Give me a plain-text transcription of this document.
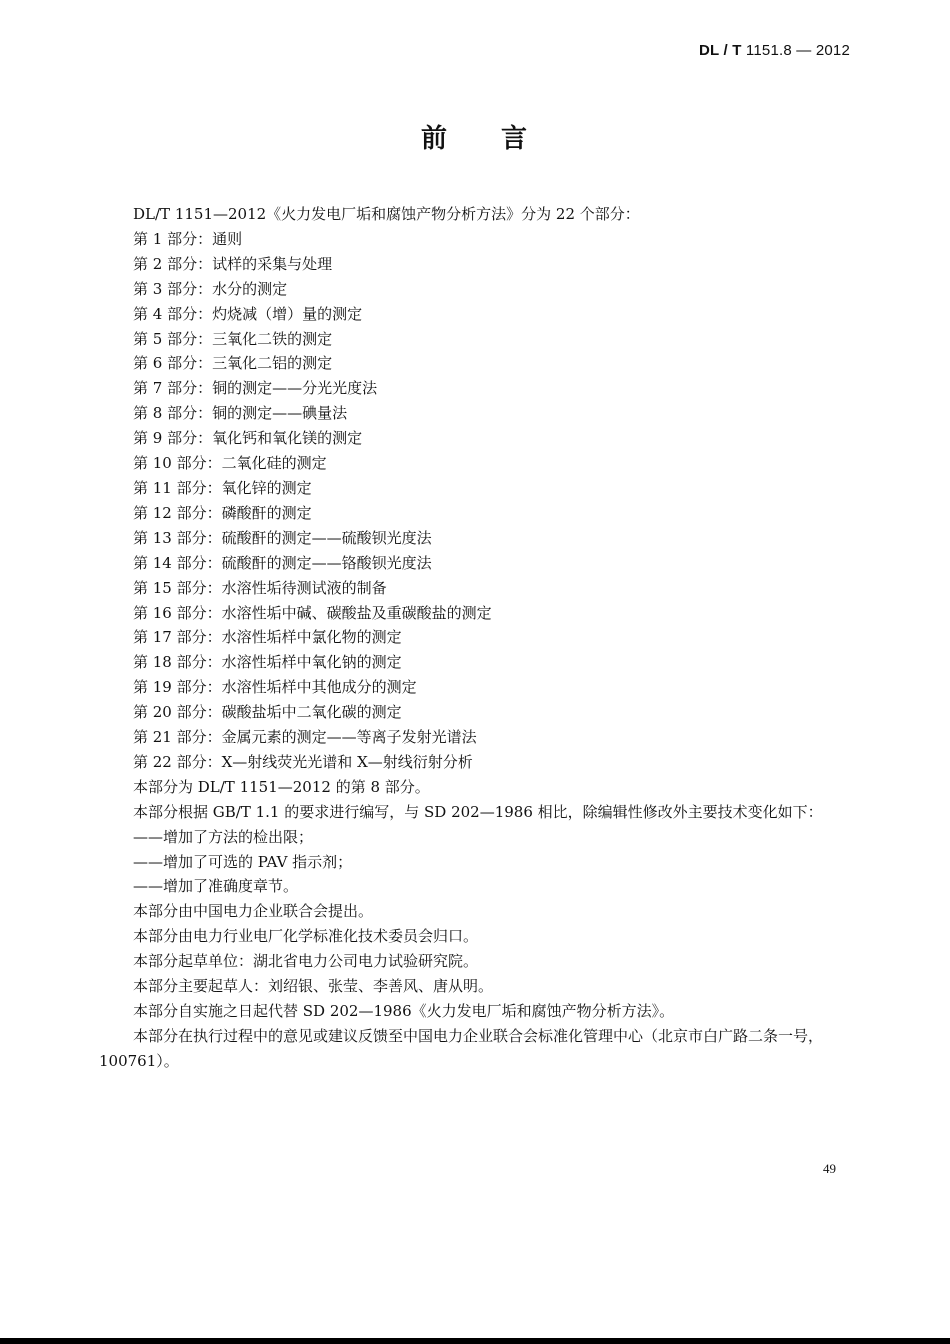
DL / T 1151.8 — 2012
前 言
DL/T 1151—2012《火力发电厂垢和腐蚀产物分析方法》分为 22 个部分：
第 1 部分：通则
第 2 部分：试样的采集与处理
第 3 部分：水分的测定
第 4 部分：灼烧减（增）量的测定
第 5 部分：三氧化二铁的测定
第 6 部分：三氧化二铝的测定
第 7 部分：铜的测定——分光光度法
第 8 部分：铜的测定——碘量法
第 9 部分：氧化钙和氧化镁的测定
第 10 部分：二氧化硅的测定
第 11 部分：氧化锌的测定
第 12 部分：磷酸酐的测定
第 13 部分：硫酸酐的测定——硫酸钡光度法
第 14 部分：硫酸酐的测定——铬酸钡光度法
第 15 部分：水溶性垢待测试液的制备
第 16 部分：水溶性垢中碱、碳酸盐及重碳酸盐的测定
第 17 部分：水溶性垢样中氯化物的测定
第 18 部分：水溶性垢样中氧化钠的测定
第 19 部分：水溶性垢样中其他成分的测定
第 20 部分：碳酸盐垢中二氧化碳的测定
第 21 部分：金属元素的测定——等离子发射光谱法
第 22 部分：X—射线荧光光谱和 X—射线衍射分析
本部分为 DL/T 1151—2012 的第 8 部分。
本部分根据 GB/T 1.1 的要求进行编写，与 SD 202—1986 相比，除编辑性修改外主要技术变化如下：
——增加了方法的检出限；
——增加了可选的 PAV 指示剂；
——增加了准确度章节。
本部分由中国电力企业联合会提出。
本部分由电力行业电厂化学标准化技术委员会归口。
本部分起草单位：湖北省电力公司电力试验研究院。
本部分主要起草人：刘绍银、张莹、李善风、唐从明。
本部分自实施之日起代替 SD 202—1986《火力发电厂垢和腐蚀产物分析方法》。
本部分在执行过程中的意见或建议反馈至中国电力企业联合会标准化管理中心（北京市白广路二条一号，100761）。
49
